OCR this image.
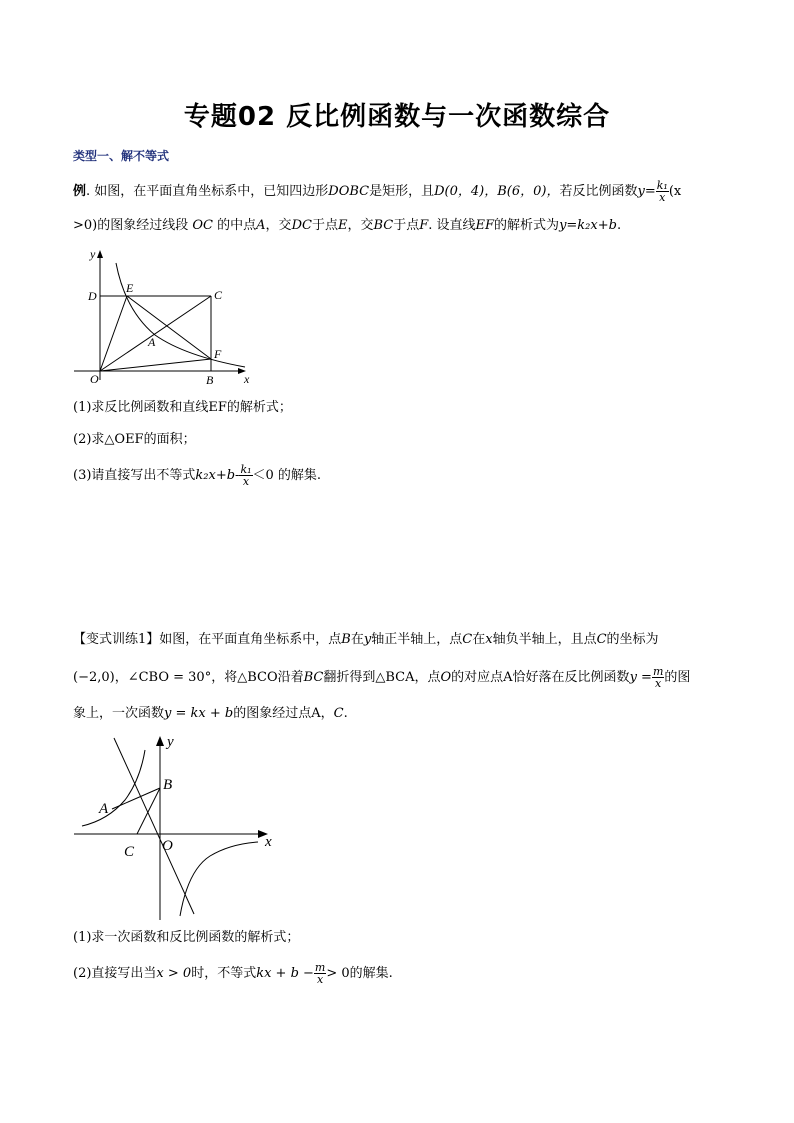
专题02 反比例函数与一次函数综合
类型一、解不等式
例. 如图，在平面直角坐标系中，已知四边形DOBC是矩形，且D(0，4)，B(6，0)，若反比例函数$y= \frac{\text{k₁}}{x} (x$
>0)的图象经过线段 OC 的中点A，交DC于点E，交BC于点F. 设直线EF的解析式为y=k₂x+b.
y
D
E	C
A
F
O	B	x
(1)求反比例函数和直线EF的解析式；
(2)求△OEF的面积；
(3)请直接写出不等式$k_2x+b- \frac{\text{k₁}}{x} <0$ 的解集.
【变式训练1】如图，在平面直角坐标系中，点B在y轴正半轴上，点C在x轴负半轴上，且点C的坐标为
(−2,0)，∠CBO = 30°，将△BCO沿着BC翻折得到△BCA，点O的对应点A恰好落在反比例函数$y = \frac{m}{x}$ 的图
象上，一次函数y = kx + b的图象经过点A，C.
y
B
A
C O	x
(1)求一次函数和反比例函数的解析式；
(2)直接写出当x > 0时，不等式kx + $b - \frac{m}{x} > 0$的解集.
